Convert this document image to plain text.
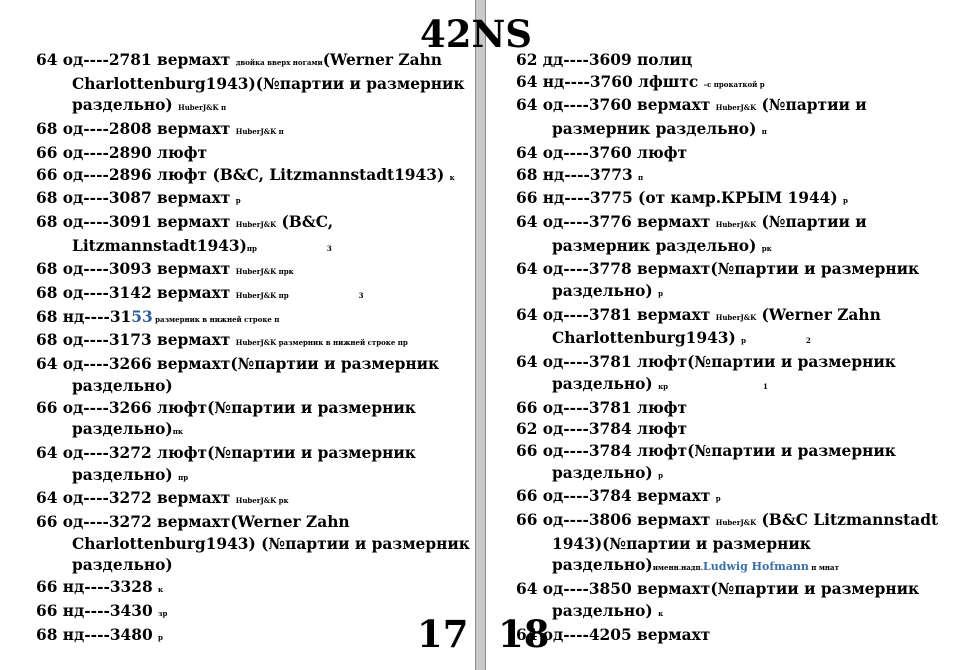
64 од----2781 вермахт двойка вверх ногами(Werner Zahn Charlottenburg1943)(№партии и размерник раздельно) HuberJ&K п
68 од----2808 вермахт HuberJ&K п
66 од----2890 люфт
66 од----2896 люфт (B&C, Litzmannstadt1943) к
68 од----3087 вермахт р
68 од----3091 вермахт HuberJ&K (B&C, Litzmannstadt1943)пр	3
68 од----3093 вермахт HuberJ&K прк
68 од----3142 вермахт HuberJ&K пр	3
68 нд----3153 размерник в нижней строке п
68 од----3173 вермахт HuberJ&K размерник в нижней строке пр
64 од----3266 вермахт(№партии и размерник раздельно)
66 од----3266 люфт(№партии и размерник раздельно)пк
64 од----3272 люфт(№партии и размерник раздельно) пр
64 од----3272 вермахт HuberJ&K рк
66 од----3272 вермахт(Werner Zahn Charlottenburg1943) (№партии и размерник раздельно)
66 нд----3328 к
66 нд----3430 зр
68 нд----3480 р	17
62 дд----3609 полиц
64 нд----3760 лфштс –с прокаткой р
64 од----3760 вермахт HuberJ&K (№партии и размерник раздельно) п
64 од----3760 люфт
68 нд----3773 п
66 нд----3775 (от камр.КРЫМ 1944) р
64 од----3776 вермахт HuberJ&K (№партии и размерник раздельно) рк
64 од----3778 вермахт(№партии и размерник раздельно) р
64 од----3781 вермахт HuberJ&K (Werner Zahn Charlottenburg1943) р	2
64 од----3781 люфт(№партии и размерник раздельно) кр	1
66 од----3781 люфт
62 од----3784 люфт
66 од----3784 люфт(№партии и размерник раздельно) р
66 од----3784 вермахт р
66 од----3806 вермахт HuberJ&K (B&C Litzmannstadt 1943)(№партии и размерник раздельно)именн.надп.Ludwig Hofmann п мнат
64 од----3850 вермахт(№партии и размерник раздельно) к
64 од----4205 вермахт
18
42NS
